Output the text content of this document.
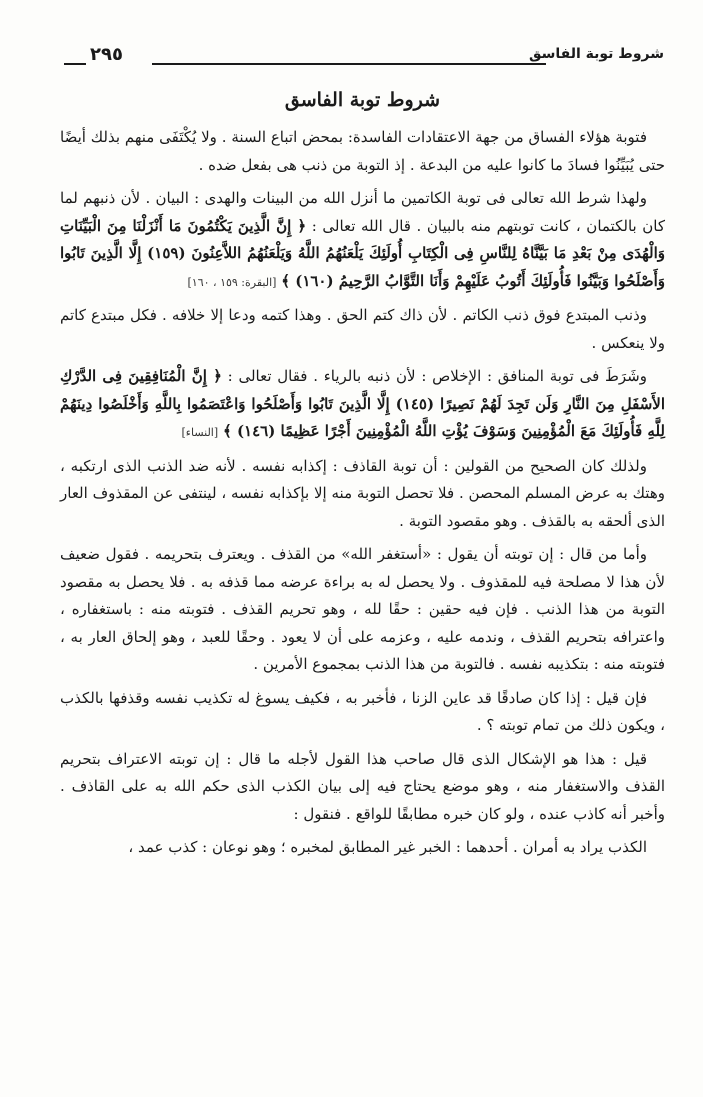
شروط توبة الفاسق
٢٩٥
شروط توبة الفاسق

فتوبة هؤلاء الفساق من جهة الاعتقادات الفاسدة: بمحض اتباع السنة . ولا يُكْتَفَى منهم بذلك أيضًا حتى يُبَيِّنُوا فسادَ ما كانوا عليه من البدعة . إذ التوبة من ذنب هى بفعل ضده .

ولهذا شرط الله تعالى فى توبة الكاتمين ما أنزل الله من البينات والهدى : البيان . لأن ذنبهم لما كان بالكتمان ، كانت توبتهم منه بالبيان . قال الله تعالى : ﴿ إِنَّ الَّذِينَ يَكْتُمُونَ مَا أَنْزَلْنَا مِنَ الْبَيِّنَاتِ وَالْهُدَى مِنْ بَعْدِ مَا بَيَّنَّاهُ لِلنَّاسِ فِى الْكِتَابِ أُولَئِكَ يَلْعَنُهُمُ اللَّهُ وَيَلْعَنُهُمُ اللاَّعِنُونَ (١٥٩) إِلَّا الَّذِينَ تَابُوا وَأَصْلَحُوا وَبَيَّنُوا فَأُولَئِكَ أَتُوبُ عَلَيْهِمْ وَأَنَا التَّوَّابُ الرَّحِيمُ (١٦٠) ﴾ [البقرة: ١٥٩ ، ١٦٠]

وذنب المبتدع فوق ذنب الكاتم . لأن ذاك كتم الحق . وهذا كتمه ودعا إلا خلافه . فكل مبتدع كاتم ولا ينعكس .

وشَرَطَ فى توبة المنافق : الإخلاص : لأن ذنبه بالرياء . فقال تعالى : ﴿ إِنَّ الْمُنَافِقِينَ فِى الدَّرْكِ الأَسْفَلِ مِنَ النَّارِ وَلَن تَجِدَ لَهُمْ نَصِيرًا (١٤٥) إِلَّا الَّذِينَ تَابُوا وَأَصْلَحُوا وَاعْتَصَمُوا بِاللَّهِ وَأَخْلَصُوا دِينَهُمْ لِلَّهِ فَأُولَئِكَ مَعَ الْمُؤْمِنِينَ وَسَوْفَ يُؤْتِ اللَّهُ الْمُؤْمِنِينَ أَجْرًا عَظِيمًا (١٤٦) ﴾ [النساء]

ولذلك كان الصحيح من القولين : أن توبة القاذف : إكذابه نفسه . لأنه ضد الذنب الذى ارتكبه ، وهتك به عرض المسلم المحصن . فلا تحصل التوبة منه إلا بإكذابه نفسه ، لينتفى عن المقذوف العار الذى ألحقه به بالقذف . وهو مقصود التوبة .

وأما من قال : إن توبته أن يقول : «أستغفر الله» من القذف . ويعترف بتحريمه . فقول ضعيف لأن هذا لا مصلحة فيه للمقذوف . ولا يحصل له به براءة عرضه مما قذفه به . فلا يحصل به مقصود التوبة من هذا الذنب . فإن فيه حقين : حقًا لله ، وهو تحريم القذف . فتوبته منه : باستغفاره ، واعترافه بتحريم القذف ، وندمه عليه ، وعزمه على أن لا يعود . وحقًا للعبد ، وهو إلحاق العار به ، فتوبته منه : بتكذيبه نفسه . فالتوبة من هذا الذنب بمجموع الأمرين .

فإن قيل : إذا كان صادقًا قد عاين الزنا ، فأخبر به ، فكيف يسوغ له تكذيب نفسه وقذفها بالكذب ، ويكون ذلك من تمام توبته ؟ .

قيل : هذا هو الإشكال الذى قال صاحب هذا القول لأجله ما قال : إن توبته الاعتراف بتحريم القذف والاستغفار منه ، وهو موضع يحتاج فيه إلى بيان الكذب الذى حكم الله به على القاذف . وأخبر أنه كاذب عنده ، ولو كان خبره مطابقًا للواقع . فنقول :

الكذب يراد به أمران . أحدهما : الخبر غير المطابق لمخبره ؛ وهو نوعان : كذب عمد ،
